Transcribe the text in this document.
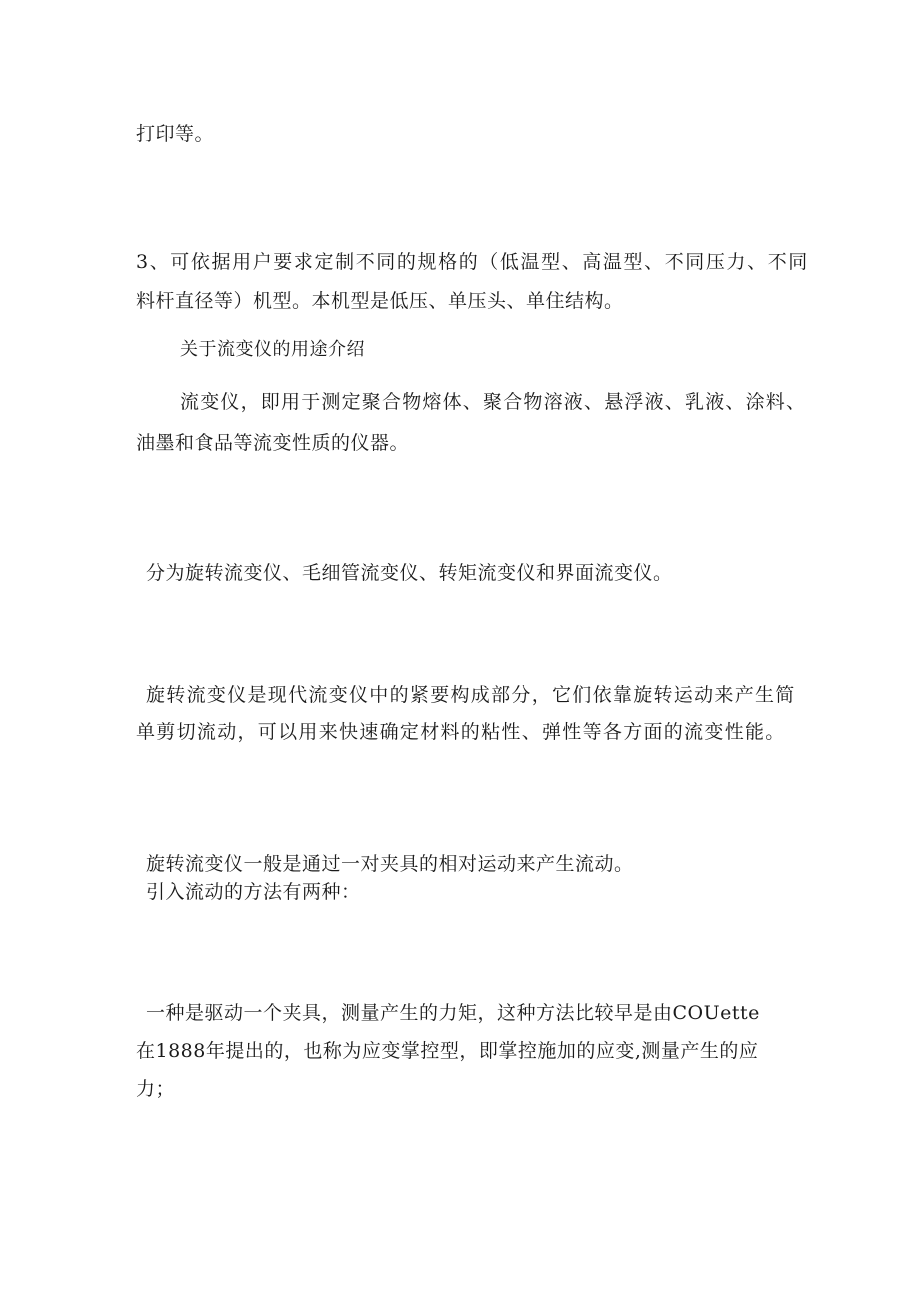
打印等。
3、可依据用户要求定制不同的规格的（低温型、高温型、不同压力、不同
料杆直径等）机型。本机型是低压、单压头、单住结构。
关于流变仪的用途介绍
流变仪，即用于测定聚合物熔体、聚合物溶液、悬浮液、乳液、涂料、
油墨和食品等流变性质的仪器。
分为旋转流变仪、毛细管流变仪、转矩流变仪和界面流变仪。
旋转流变仪是现代流变仪中的紧要构成部分，它们依靠旋转运动来产生简
单剪切流动，可以用来快速确定材料的粘性、弹性等各方面的流变性能。
旋转流变仪一般是通过一对夹具的相对运动来产生流动。
引入流动的方法有两种：
一种是驱动一个夹具，测量产生的力矩，这种方法比较早是由COUette
在1888年提出的，也称为应变掌控型，即掌控施加的应变,测量产生的应
力；
